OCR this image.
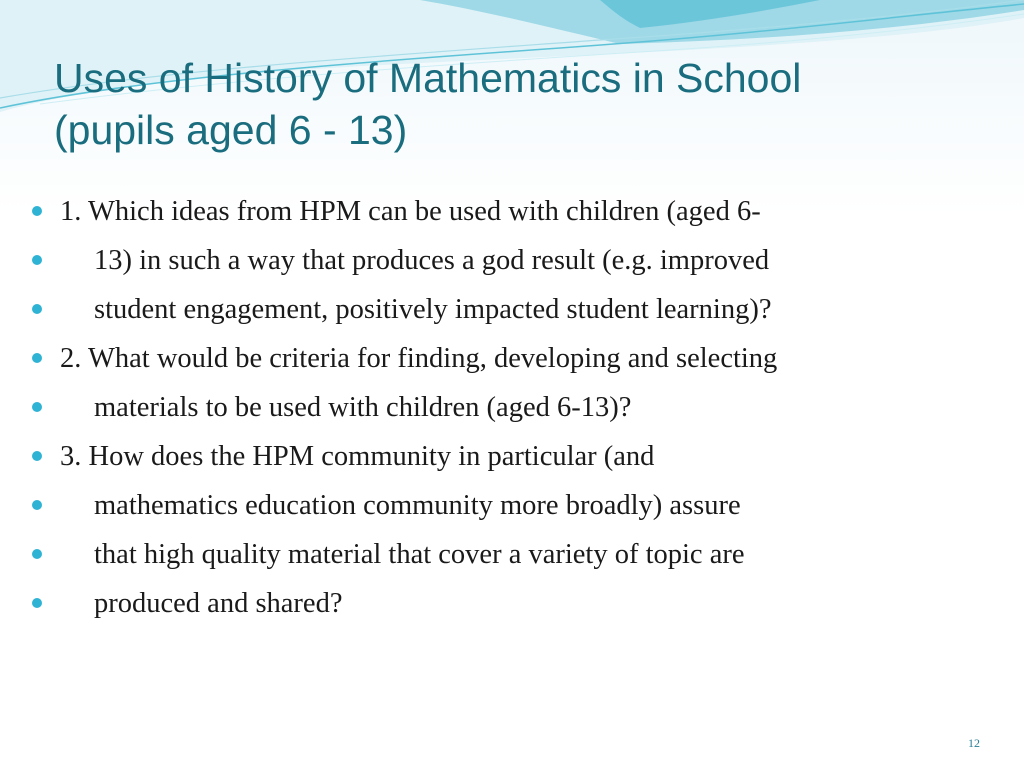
Uses of History of Mathematics in School
(pupils aged 6 - 13)
1. Which ideas from HPM can be used with children (aged 6-
13) in such a way that produces a god result (e.g. improved
student engagement, positively impacted student learning)?
2. What would be criteria for finding, developing and selecting
materials to be used with children (aged 6-13)?
3. How does the HPM community in particular (and
mathematics education community more broadly) assure
that high quality material that cover a variety of topic are
produced and shared?
12
